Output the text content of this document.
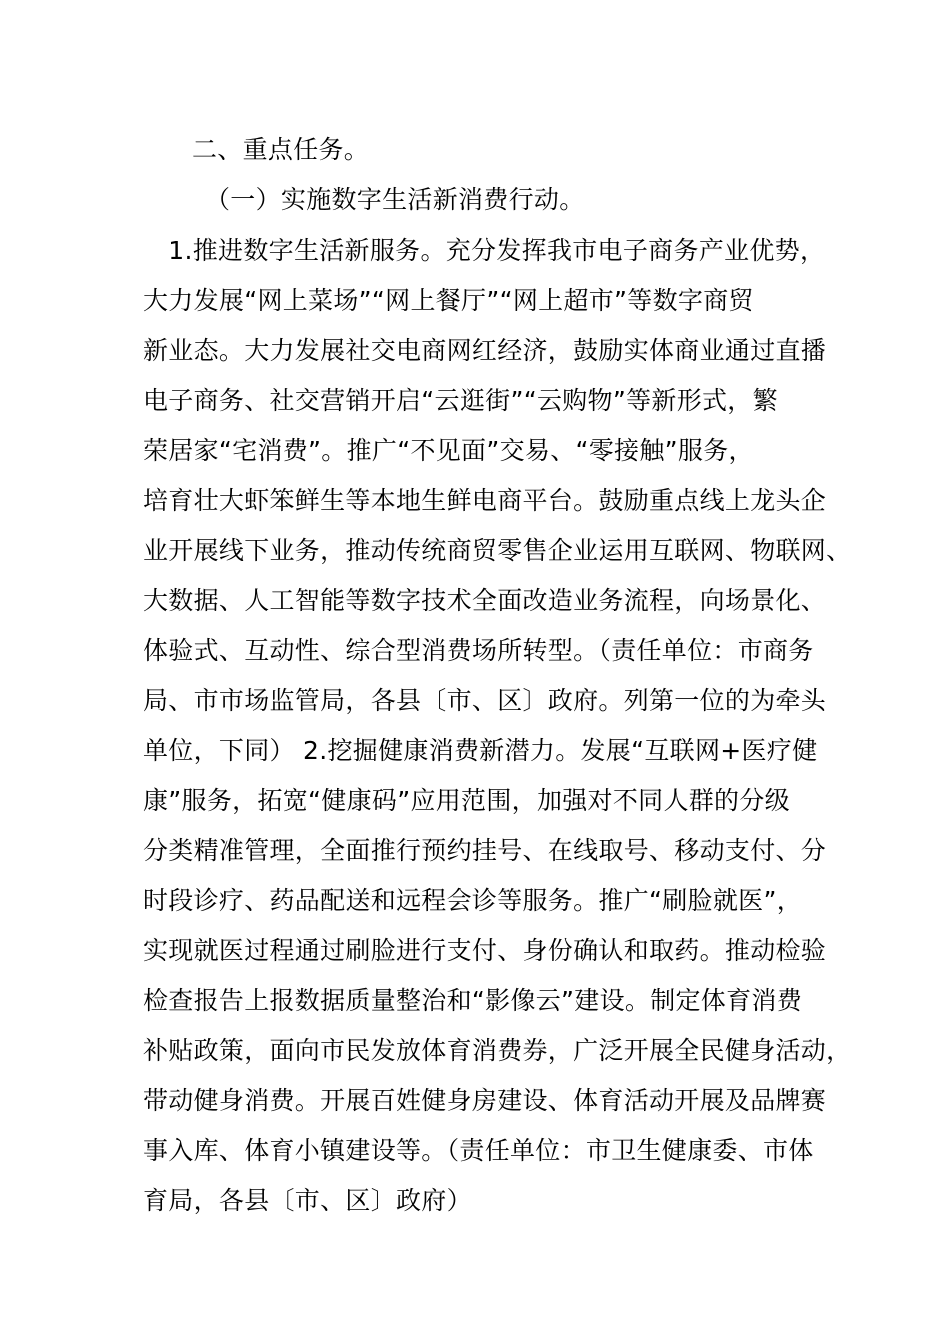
二、重点任务。
（一）实施数字生活新消费行动。
　1.推进数字生活新服务。充分发挥我市电子商务产业优势，
大力发展“网上菜场”“网上餐厅”“网上超市”等数字商贸
新业态。大力发展社交电商网红经济，鼓励实体商业通过直播
电子商务、社交营销开启“云逛街”“云购物”等新形式，繁
荣居家“宅消费”。推广“不见面”交易、“零接触”服务，
培育壮大虾笨鲜生等本地生鲜电商平台。鼓励重点线上龙头企
业开展线下业务，推动传统商贸零售企业运用互联网、物联网、
大数据、人工智能等数字技术全面改造业务流程，向场景化、
体验式、互动性、综合型消费场所转型。（责任单位：市商务
局、市市场监管局，各县〔市、区〕政府。列第一位的为牵头
单位，下同） 2.挖掘健康消费新潜力。发展“互联网+医疗健
康”服务，拓宽“健康码”应用范围，加强对不同人群的分级
分类精准管理，全面推行预约挂号、在线取号、移动支付、分
时段诊疗、药品配送和远程会诊等服务。推广“刷脸就医”，
实现就医过程通过刷脸进行支付、身份确认和取药。推动检验
检查报告上报数据质量整治和“影像云”建设。制定体育消费
补贴政策，面向市民发放体育消费券，广泛开展全民健身活动，
带动健身消费。开展百姓健身房建设、体育活动开展及品牌赛
事入库、体育小镇建设等。（责任单位：市卫生健康委、市体
育局，各县〔市、区〕政府）
